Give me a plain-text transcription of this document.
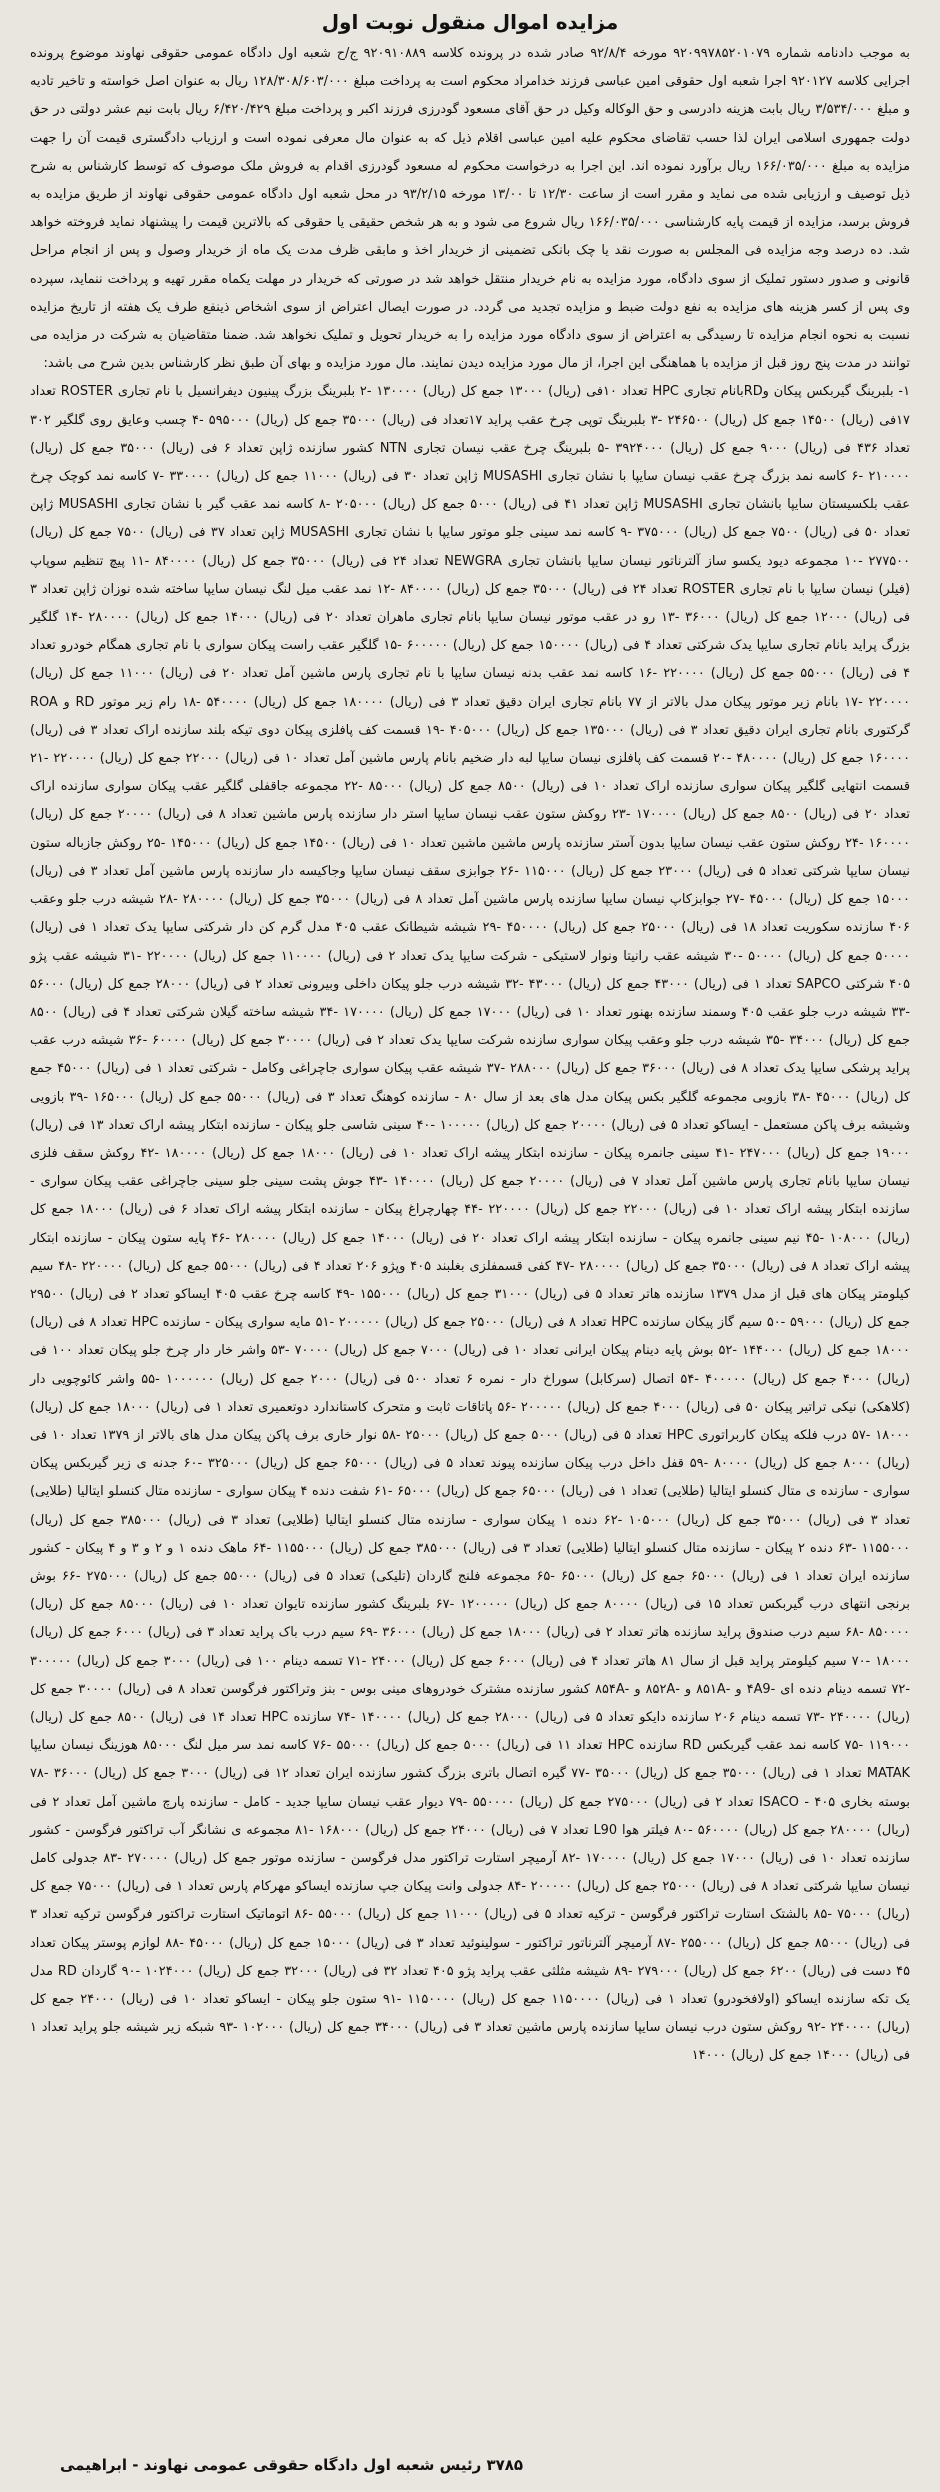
مزایده اموال منقول نوبت اول

به موجب دادنامه شماره ۹۲۰۹۹۷۸۵۲۰۱۰۷۹ مورخه ۹۲/۸/۴ صادر شده در پرونده کلاسه ۹۲۰۹۱۰۸۸۹ ج/ح شعبه اول دادگاه عمومی حقوقی نهاوند موضوع پرونده اجرایی کلاسه ۹۲۰۱۲۷ اجرا شعبه اول حقوقی امین عباسی فرزند خدامراد محکوم است به پرداخت مبلغ ۱۲۸/۳۰۸/۶۰۳/۰۰۰ ریال به عنوان اصل خواسته و تاخیر تادیه و مبلغ ۳/۵۳۴/۰۰۰ ریال بابت هزینه دادرسی و حق الوکاله وکیل در حق آقای مسعود گودرزی فرزند اکبر و پرداخت مبلغ ۶/۴۲۰/۴۲۹ ریال بابت نیم عشر دولتی در حق دولت جمهوری اسلامی ایران لذا حسب تقاضای محکوم علیه امین عباسی اقلام ذیل که به عنوان مال معرفی نموده است و ارزیاب دادگستری قیمت آن را جهت مزایده به مبلغ ۱۶۶/۰۳۵/۰۰۰ ریال برآورد نموده اند. این اجرا به درخواست محکوم له مسعود گودرزی اقدام به فروش ملک موصوف که توسط کارشناس به شرح ذیل توصیف و ارزیابی شده می نماید و مقرر است از ساعت ۱۲/۳۰ تا ۱۳/۰۰ مورخه ۹۳/۲/۱۵ در محل شعبه اول دادگاه عمومی حقوقی نهاوند از طریق مزایده به فروش برسد، مزایده از قیمت پایه کارشناسی ۱۶۶/۰۳۵/۰۰۰ ریال شروع می شود و به هر شخص حقیقی یا حقوقی که بالاترین قیمت را پیشنهاد نماید فروخته خواهد شد. ده درصد وجه مزایده فی المجلس به صورت نقد یا چک بانکی تضمینی از خریدار اخذ و مابقی ظرف مدت یک ماه از خریدار وصول و پس از انجام مراحل قانونی و صدور دستور تملیک از سوی دادگاه، مورد مزایده به نام خریدار منتقل خواهد شد در صورتی که خریدار در مهلت یکماه مقرر تهیه و پرداخت ننماید، سپرده وی پس از کسر هزینه های مزایده به نفع دولت ضبط و مزایده تجدید می گردد. در صورت ایصال اعتراض از سوی اشخاص ذینفع طرف یک هفته از تاریخ مزایده نسبت به نحوه انجام مزایده تا رسیدگی به اعتراض از سوی دادگاه مورد مزایده را به خریدار تحویل و تملیک نخواهد شد. ضمنا متقاضیان به شرکت در مزایده می توانند در مدت پنج روز قبل از مزایده با هماهنگی این اجرا، از مال مورد مزایده دیدن نمایند. مال مورد مزایده و بهای آن طبق نظر کارشناس بدین شرح می باشد:

۱- بلبرینگ گیربکس پیکان وRDبانام تجاری HPC تعداد ۱۰فی (ریال) ۱۳۰۰۰ جمع کل (ریال) ۱۳۰۰۰۰ -۲ بلبرینگ بزرگ پینیون دیفرانسیل با نام تجاری ROSTER تعداد ۱۷فی (ریال) ۱۴۵۰۰ جمع کل (ریال) ۲۴۶۵۰۰ -۳ بلبرینگ توپی چرخ عقب پراید ۱۷تعداد فی (ریال) ۳۵۰۰۰ جمع کل (ریال) ۵۹۵۰۰۰ -۴ چسب وعایق روی گلگیر ۳۰۲ تعداد ۴۳۶ فی (ریال) ۹۰۰۰ جمع کل (ریال) ۳۹۲۴۰۰۰ -۵ بلبرینگ چرخ عقب نیسان تجاری NTN کشور سازنده ژاپن تعداد ۶ فی (ریال) ۳۵۰۰۰ جمع کل (ریال) ۲۱۰۰۰۰ -۶ کاسه نمد بزرگ چرخ عقب نیسان سایپا با نشان تجاری MUSASHI ژاپن تعداد ۳۰ فی (ریال) ۱۱۰۰۰ جمع کل (ریال) ۳۳۰۰۰۰ -۷ کاسه نمد کوچک چرخ عقب بلکسیستان سایپا بانشان تجاری MUSASHI ژاپن تعداد ۴۱ فی (ریال) ۵۰۰۰ جمع کل (ریال) ۲۰۵۰۰۰ -۸ کاسه نمد عقب گیر با نشان تجاری MUSASHI ژاپن تعداد ۵۰ فی (ریال) ۷۵۰۰ جمع کل (ریال) ۳۷۵۰۰۰ -۹ کاسه نمد سینی جلو موتور سایپا با نشان تجاری MUSASHI ژاپن تعداد ۳۷ فی (ریال) ۷۵۰۰ جمع کل (ریال) ۲۷۷۵۰۰ -۱۰ مجموعه دیود یکسو ساز آلترناتور نیسان سایپا بانشان تجاری NEWGRA تعداد ۲۴ فی (ریال) ۳۵۰۰۰ جمع کل (ریال) ۸۴۰۰۰۰ -۱۱ پیچ تنظیم سوپاپ (فیلر) نیسان سایپا با نام تجاری ROSTER تعداد ۲۴ فی (ریال) ۳۵۰۰۰ جمع کل (ریال) ۸۴۰۰۰۰ -۱۲ نمد عقب میل لنگ نیسان سایپا ساخته شده نوزان ژاپن تعداد ۳ فی (ریال) ۱۲۰۰۰ جمع کل (ریال) ۳۶۰۰۰ -۱۳ رو در عقب موتور نیسان سایپا بانام تجاری ماهران تعداد ۲۰ فی (ریال) ۱۴۰۰۰ جمع کل (ریال) ۲۸۰۰۰۰ -۱۴ گلگیر بزرگ پراید بانام تجاری سایپا یدک شرکتی تعداد ۴ فی (ریال) ۱۵۰۰۰۰ جمع کل (ریال) ۶۰۰۰۰۰ -۱۵ گلگیر عقب راست پیکان سواری با نام تجاری همگام خودرو تعداد ۴ فی (ریال) ۵۵۰۰۰ جمع کل (ریال) ۲۲۰۰۰۰ -۱۶ کاسه نمد عقب بدنه نیسان سایپا با نام تجاری پارس ماشین آمل تعداد ۲۰ فی (ریال) ۱۱۰۰۰ جمع کل (ریال) ۲۲۰۰۰۰ -۱۷ بانام زیر موتور پیکان مدل بالاتر از ۷۷ بانام تجاری ایران دقیق تعداد ۳ فی (ریال) ۱۸۰۰۰۰ جمع کل (ریال) ۵۴۰۰۰۰ -۱۸ رام زیر موتور RD و ROA گرکتوری بانام تجاری ایران دقیق تعداد ۳ فی (ریال) ۱۳۵۰۰۰ جمع کل (ریال) ۴۰۵۰۰۰ -۱۹ قسمت کف پافلزی پیکان دوی تیکه بلند سازنده اراک تعداد ۳ فی (ریال) ۱۶۰۰۰۰ جمع کل (ریال) ۴۸۰۰۰۰ -۲۰ قسمت کف پافلزی نیسان سایپا لبه دار ضخیم بانام پارس ماشین آمل تعداد ۱۰ فی (ریال) ۲۲۰۰۰ جمع کل (ریال) ۲۲۰۰۰۰ -۲۱ قسمت انتهایی گلگیر پیکان سواری سازنده اراک تعداد ۱۰ فی (ریال) ۸۵۰۰ جمع کل (ریال) ۸۵۰۰۰ -۲۲ مجموعه جاقفلی گلگیر عقب پیکان سواری سازنده اراک تعداد ۲۰ فی (ریال) ۸۵۰۰ جمع کل (ریال) ۱۷۰۰۰۰ -۲۳ روکش ستون عقب نیسان سایپا استر دار سازنده پارس ماشین تعداد ۸ فی (ریال) ۲۰۰۰۰ جمع کل (ریال) ۱۶۰۰۰۰ -۲۴ روکش ستون عقب نیسان سایپا بدون آستر سازنده پارس ماشین ماشین تعداد ۱۰ فی (ریال) ۱۴۵۰۰ جمع کل (ریال) ۱۴۵۰۰۰ -۲۵ روکش جازباله ستون نیسان سایپا شرکتی تعداد ۵ فی (ریال) ۲۳۰۰۰ جمع کل (ریال) ۱۱۵۰۰۰ -۲۶ جوابزی سقف نیسان سایپا وجاکیسه دار سازنده پارس ماشین آمل تعداد ۳ فی (ریال) ۱۵۰۰۰ جمع کل (ریال) ۴۵۰۰۰ -۲۷ جوابزکاپ نیسان سایپا سازنده پارس ماشین آمل تعداد ۸ فی (ریال) ۳۵۰۰۰ جمع کل (ریال) ۲۸۰۰۰۰ -۲۸ شیشه درب جلو وعقب ۴۰۶ سازنده سکوریت تعداد ۱۸ فی (ریال) ۲۵۰۰۰ جمع کل (ریال) ۴۵۰۰۰۰ -۲۹ شیشه شیطانک عقب ۴۰۵ مدل گرم کن دار شرکتی سایپا یدک تعداد ۱ فی (ریال) ۵۰۰۰۰ جمع کل (ریال) ۵۰۰۰۰ -۳۰ شیشه عقب رانیتا ونوار لاستیکی - شرکت سایپا یدک تعداد ۲ فی (ریال) ۱۱۰۰۰۰ جمع کل (ریال) ۲۲۰۰۰۰ -۳۱ شیشه عقب پژو ۴۰۵ شرکتی SAPCO تعداد ۱ فی (ریال) ۴۳۰۰۰ جمع کل (ریال) ۴۳۰۰۰ -۳۲ شیشه درب جلو پیکان داخلی وبیرونی تعداد ۲ فی (ریال) ۲۸۰۰۰ جمع کل (ریال) ۵۶۰۰۰ -۳۳ شیشه درب جلو عقب ۴۰۵ وسمند سازنده بهنور تعداد ۱۰ فی (ریال) ۱۷۰۰۰ جمع کل (ریال) ۱۷۰۰۰۰ -۳۴ شیشه ساخته گیلان شرکتی تعداد ۴ فی (ریال) ۸۵۰۰ جمع کل (ریال) ۳۴۰۰۰ -۳۵ شیشه درب جلو وعقب پیکان سواری سازنده شرکت سایپا یدک تعداد ۲ فی (ریال) ۳۰۰۰۰ جمع کل (ریال) ۶۰۰۰۰ -۳۶ شیشه درب عقب پراید پرشکی سایپا یدک تعداد ۸ فی (ریال) ۳۶۰۰۰ جمع کل (ریال) ۲۸۸۰۰۰ -۳۷ شیشه عقب پیکان سواری جاچراغی وکامل - شرکتی تعداد ۱ فی (ریال) ۴۵۰۰۰ جمع کل (ریال) ۴۵۰۰۰ -۳۸ بازوبی مجموعه گلگیر بکس پیکان مدل های بعد از سال ۸۰ - سازنده کوهنگ تعداد ۳ فی (ریال) ۵۵۰۰۰ جمع کل (ریال) ۱۶۵۰۰۰ -۳۹ بازویی وشیشه برف پاکن مستعمل - ایساکو تعداد ۵ فی (ریال) ۲۰۰۰۰ جمع کل (ریال) ۱۰۰۰۰۰ -۴۰ سینی شاسی جلو پیکان - سازنده ابتکار پیشه اراک تعداد ۱۳ فی (ریال) ۱۹۰۰۰ جمع کل (ریال) ۲۴۷۰۰۰ -۴۱ سینی جانمره پیکان - سازنده ابتکار پیشه اراک تعداد ۱۰ فی (ریال) ۱۸۰۰۰ جمع کل (ریال) ۱۸۰۰۰۰ -۴۲ روکش سقف فلزی نیسان سایپا بانام تجاری پارس ماشین آمل تعداد ۷ فی (ریال) ۲۰۰۰۰ جمع کل (ریال) ۱۴۰۰۰۰ -۴۳ جوش پشت سینی جلو سینی جاچراغی عقب پیکان سواری - سازنده ابتکار پیشه اراک تعداد ۱۰ فی (ریال) ۲۲۰۰۰ جمع کل (ریال) ۲۲۰۰۰۰ -۴۴ چهارچراغ پیکان - سازنده ابتکار پیشه اراک تعداد ۶ فی (ریال) ۱۸۰۰۰ جمع کل (ریال) ۱۰۸۰۰۰ -۴۵ نیم سینی جانمره پیکان - سازنده ابتکار پیشه اراک تعداد ۲۰ فی (ریال) ۱۴۰۰۰ جمع کل (ریال) ۲۸۰۰۰۰ -۴۶ پایه ستون پیکان - سازنده ابتکار پیشه اراک تعداد ۸ فی (ریال) ۳۵۰۰۰ جمع کل (ریال) ۲۸۰۰۰۰ -۴۷ کفی قسمفلزی بغلبند ۴۰۵ وپژو ۲۰۶ تعداد ۴ فی (ریال) ۵۵۰۰۰ جمع کل (ریال) ۲۲۰۰۰۰ -۴۸ سیم کیلومتر پیکان های قبل از مدل ۱۳۷۹ سازنده هاتر تعداد ۵ فی (ریال) ۳۱۰۰۰ جمع کل (ریال) ۱۵۵۰۰۰ -۴۹ کاسه چرخ عقب ۴۰۵ ایساکو تعداد ۲ فی (ریال) ۲۹۵۰۰ جمع کل (ریال) ۵۹۰۰۰ -۵۰ سیم گاز پیکان سازنده HPC تعداد ۸ فی (ریال) ۲۵۰۰۰ جمع کل (ریال) ۲۰۰۰۰۰ -۵۱ مایه سواری پیکان - سازنده HPC تعداد ۸ فی (ریال) ۱۸۰۰۰ جمع کل (ریال) ۱۴۴۰۰۰ -۵۲ بوش پایه دینام پیکان ایرانی تعداد ۱۰ فی (ریال) ۷۰۰۰ جمع کل (ریال) ۷۰۰۰۰ -۵۳ واشر خار دار چرخ جلو پیکان تعداد ۱۰۰ فی (ریال) ۴۰۰۰ جمع کل (ریال) ۴۰۰۰۰۰ -۵۴ اتصال (سرکابل) سوراخ دار - نمره ۶ تعداد ۵۰۰ فی (ریال) ۲۰۰۰ جمع کل (ریال) ۱۰۰۰۰۰۰ -۵۵ واشر کائوچویی دار (کلاهکی) نیکی تراتیر پیکان ۵۰ فی (ریال) ۴۰۰۰ جمع کل (ریال) ۲۰۰۰۰۰ -۵۶ پاتاقات ثابت و متحرک کاستاندارد دوتعمیری تعداد ۱ فی (ریال) ۱۸۰۰۰ جمع کل (ریال) ۱۸۰۰۰ -۵۷ درب فلکه پیکان کاربراتوری HPC تعداد ۵ فی (ریال) ۵۰۰۰ جمع کل (ریال) ۲۵۰۰۰ -۵۸ نوار خاری برف پاکن پیکان مدل های بالاتر از ۱۳۷۹ تعداد ۱۰ فی (ریال) ۸۰۰۰ جمع کل (ریال) ۸۰۰۰۰ -۵۹ قفل داخل درب پیکان سازنده پیوند تعداد ۵ فی (ریال) ۶۵۰۰۰ جمع کل (ریال) ۳۲۵۰۰۰ -۶۰ جدنه ی زیر گیربکس پیکان سواری - سازنده ی متال کنسلو ایتالیا (طلایی) تعداد ۱ فی (ریال) ۶۵۰۰۰ جمع کل (ریال) ۶۵۰۰۰ -۶۱ شفت دنده ۴ پیکان سواری - سازنده متال کنسلو ایتالیا (طلایی) تعداد ۳ فی (ریال) ۳۵۰۰۰ جمع کل (ریال) ۱۰۵۰۰۰ -۶۲ دنده ۱ پیکان سواری - سازنده متال کنسلو ایتالیا (طلایی) تعداد ۳ فی (ریال) ۳۸۵۰۰۰ جمع کل (ریال) ۱۱۵۵۰۰۰ -۶۳ دنده ۲ پیکان - سازنده متال کنسلو ایتالیا (طلایی) تعداد ۳ فی (ریال) ۳۸۵۰۰۰ جمع کل (ریال) ۱۱۵۵۰۰۰ -۶۴ ماهک دنده ۱ و ۲ و ۳ و ۴ پیکان - کشور سازنده ایران تعداد ۱ فی (ریال) ۶۵۰۰۰ جمع کل (ریال) ۶۵۰۰۰ -۶۵ مجموعه فلنج گاردان (تلیکی) تعداد ۵ فی (ریال) ۵۵۰۰۰ جمع کل (ریال) ۲۷۵۰۰۰ -۶۶ بوش برنجی انتهای درب گیربکس تعداد ۱۵ فی (ریال) ۸۰۰۰۰ جمع کل (ریال) ۱۲۰۰۰۰۰ -۶۷ بلبرینگ کشور سازنده تایوان تعداد ۱۰ فی (ریال) ۸۵۰۰۰ جمع کل (ریال) ۸۵۰۰۰۰ -۶۸ سیم درب صندوق پراید سازنده هاتر تعداد ۲ فی (ریال) ۱۸۰۰۰ جمع کل (ریال) ۳۶۰۰۰ -۶۹ سیم درب باک پراید تعداد ۳ فی (ریال) ۶۰۰۰ جمع کل (ریال) ۱۸۰۰۰ -۷۰ سیم کیلومتر پراید قبل از سال ۸۱ هاتر تعداد ۴ فی (ریال) ۶۰۰۰ جمع کل (ریال) ۲۴۰۰۰ -۷۱ تسمه دینام ۱۰۰ فی (ریال) ۳۰۰۰ جمع کل (ریال) ۳۰۰۰۰۰ -۷۲ تسمه دینام دنده ای -۴A9 و -۸۵۱A و -۸۵۲A و -۸۵۴A کشور سازنده مشترک خودروهای مینی بوس - بنز وتراکتور فرگوسن تعداد ۸ فی (ریال) ۳۰۰۰۰ جمع کل (ریال) ۲۴۰۰۰۰ -۷۳ تسمه دینام ۲۰۶ سازنده دایکو تعداد ۵ فی (ریال) ۲۸۰۰۰ جمع کل (ریال) ۱۴۰۰۰۰ -۷۴ سازنده HPC تعداد ۱۴ فی (ریال) ۸۵۰۰ جمع کل (ریال) ۱۱۹۰۰۰ -۷۵ کاسه نمد عقب گیربکس RD سازنده HPC تعداد ۱۱ فی (ریال) ۵۰۰۰ جمع کل (ریال) ۵۵۰۰۰ -۷۶ کاسه نمد سر میل لنگ ۸۵۰۰۰ هوزینگ نیسان سایپا MATAK تعداد ۱ فی (ریال) ۳۵۰۰۰ جمع کل (ریال) ۳۵۰۰۰ -۷۷ گیره اتصال باتری بزرگ کشور سازنده ایران تعداد ۱۲ فی (ریال) ۳۰۰۰ جمع کل (ریال) ۳۶۰۰۰ -۷۸ بوسته بخاری ۴۰۵ - ISACO تعداد ۲ فی (ریال) ۲۷۵۰۰۰ جمع کل (ریال) ۵۵۰۰۰۰ -۷۹ دیوار عقب نیسان سایپا جدید - کامل - سازنده پارچ ماشین آمل تعداد ۲ فی (ریال) ۲۸۰۰۰۰ جمع کل (ریال) ۵۶۰۰۰۰ -۸۰ فیلتر هوا L90 تعداد ۷ فی (ریال) ۲۴۰۰۰ جمع کل (ریال) ۱۶۸۰۰۰ -۸۱ مجموعه ی نشانگر آب تراکتور فرگوسن - کشور سازنده تعداد ۱۰ فی (ریال) ۱۷۰۰۰ جمع کل (ریال) ۱۷۰۰۰۰ -۸۲ آرمیچر استارت تراکتور مدل فرگوسن - سازنده موتور جمع کل (ریال) ۲۷۰۰۰۰ -۸۳ جدولی کامل نیسان سایپا شرکتی تعداد ۸ فی (ریال) ۲۵۰۰۰ جمع کل (ریال) ۲۰۰۰۰۰ -۸۴ جدولی وانت پیکان جپ سازنده ایساکو مهرکام پارس تعداد ۱ فی (ریال) ۷۵۰۰۰ جمع کل (ریال) ۷۵۰۰۰ -۸۵ بالشتک استارت تراکتور فرگوسن - ترکیه تعداد ۵ فی (ریال) ۱۱۰۰۰ جمع کل (ریال) ۵۵۰۰۰ -۸۶ اتوماتیک استارت تراکتور فرگوسن ترکیه تعداد ۳ فی (ریال) ۸۵۰۰۰ جمع کل (ریال) ۲۵۵۰۰۰ -۸۷ آرمیچر آلترناتور تراکتور - سولینوئید تعداد ۳ فی (ریال) ۱۵۰۰۰ جمع کل (ریال) ۴۵۰۰۰ -۸۸ لوازم پوستر پیکان تعداد ۴۵ دست فی (ریال) ۶۲۰۰ جمع کل (ریال) ۲۷۹۰۰۰ -۸۹ شیشه مثلثی عقب پراید پژو ۴۰۵ تعداد ۳۲ فی (ریال) ۳۲۰۰۰ جمع کل (ریال) ۱۰۲۴۰۰۰ -۹۰ گاردان RD مدل یک تکه سازنده ایساکو (اولافخودرو) تعداد ۱ فی (ریال) ۱۱۵۰۰۰۰ جمع کل (ریال) ۱۱۵۰۰۰۰ -۹۱ ستون جلو پیکان - ایساکو تعداد ۱۰ فی (ریال) ۲۴۰۰۰ جمع کل (ریال) ۲۴۰۰۰۰ -۹۲ روکش ستون درب نیسان سایپا سازنده پارس ماشین تعداد ۳ فی (ریال) ۳۴۰۰۰ جمع کل (ریال) ۱۰۲۰۰۰ -۹۳ شبکه زیر شیشه جلو پراید تعداد ۱ فی (ریال) ۱۴۰۰۰ جمع کل (ریال) ۱۴۰۰۰

۳۷۸۵ رئیس شعبه اول دادگاه حقوقی عمومی نهاوند - ابراهیمی
